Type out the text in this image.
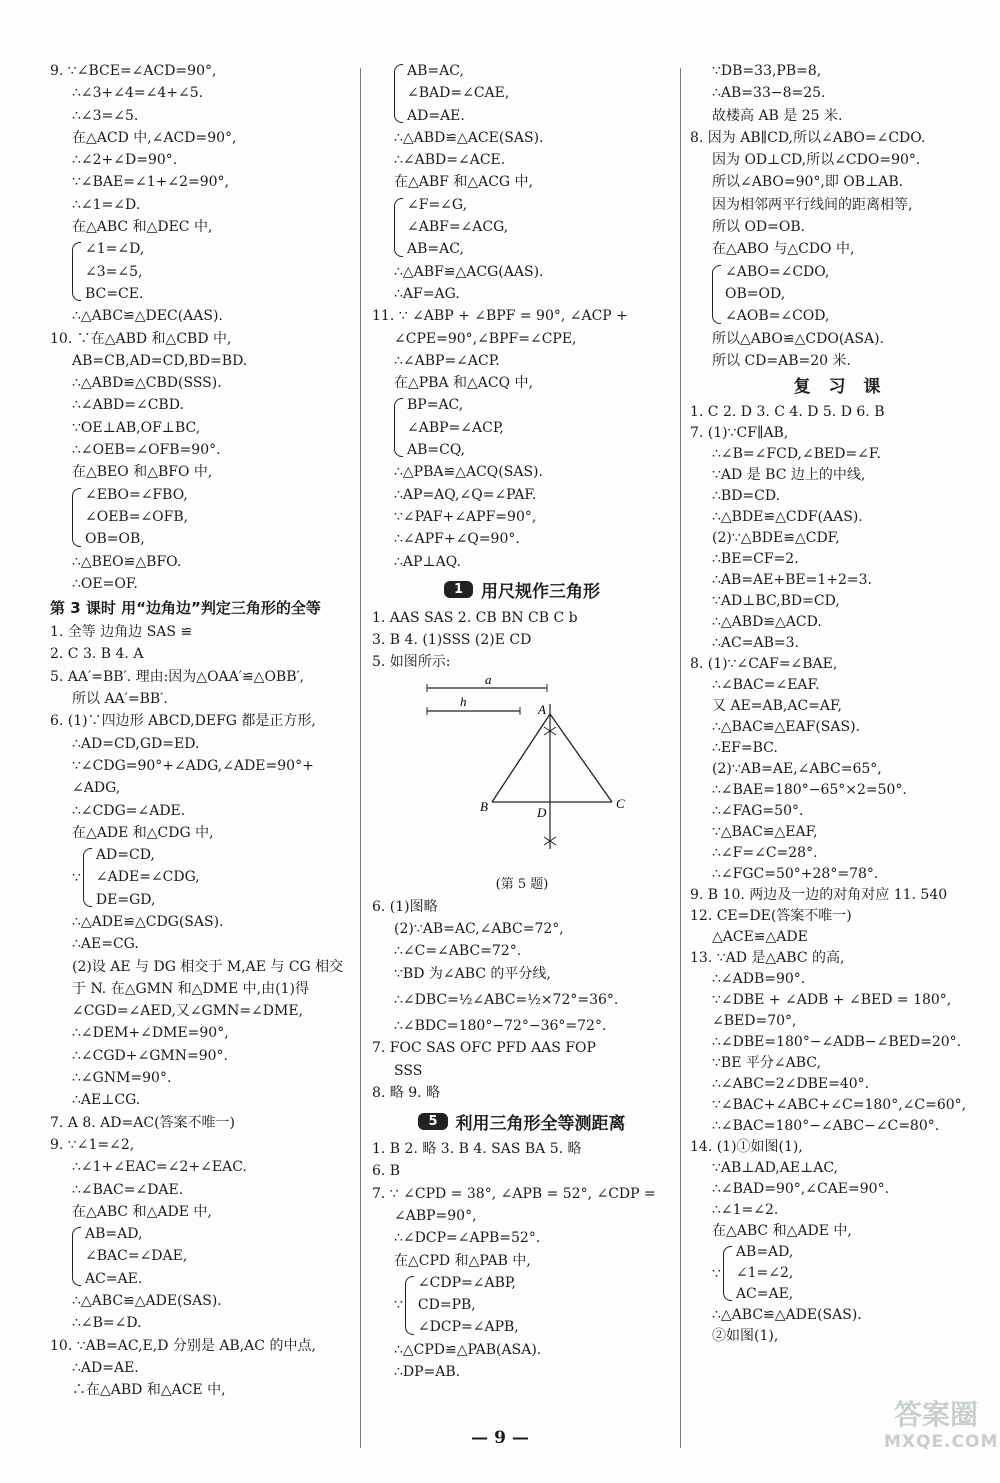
9. ∵∠BCE=∠ACD=90°,
∴∠3+∠4=∠4+∠5.
∴∠3=∠5.
在△ACD 中,∠ACD=90°,
∴∠2+∠D=90°.
∵∠BAE=∠1+∠2=90°,
∴∠1=∠D.
在△ABC 和△DEC 中,
∠1=∠D,
∠3=∠5,
BC=CE.
∴△ABC≌△DEC(AAS).
10. ∵在△ABD 和△CBD 中,
AB=CB,AD=CD,BD=BD.
∴△ABD≌△CBD(SSS).
∴∠ABD=∠CBD.
∵OE⊥AB,OF⊥BC,
∴∠OEB=∠OFB=90°.
在△BEO 和△BFO 中,
∠EBO=∠FBO,
∠OEB=∠OFB,
OB=OB,
∴△BEO≌△BFO.
∴OE=OF.
第 3 课时 用“边角边”判定三角形的全等
1. 全等 边角边 SAS ≌
2. C 3. B 4. A
5. AA′=BB′. 理由:因为△OAA′≌△OBB′,
所以 AA′=BB′.
6. (1)∵四边形 ABCD,DEFG 都是正方形,
∴AD=CD,GD=ED.
∵∠CDG=90°+∠ADG,∠ADE=90°+
∠ADG,
∴∠CDG=∠ADE.
在△ADE 和△CDG 中,
∵
AD=CD,
∠ADE=∠CDG,
DE=GD,
∴△ADE≌△CDG(SAS).
∴AE=CG.
(2)设 AE 与 DG 相交于 M,AE 与 CG 相交
于 N. 在△GMN 和△DME 中,由(1)得
∠CGD=∠AED,又∠GMN=∠DME,
∴∠DEM+∠DME=90°,
∴∠CGD+∠GMN=90°.
∴∠GNM=90°.
∴AE⊥CG.
7. A 8. AD=AC(答案不唯一)
9. ∵∠1=∠2,
∴∠1+∠EAC=∠2+∠EAC.
∴∠BAC=∠DAE.
在△ABC 和△ADE 中,
AB=AD,
∠BAC=∠DAE,
AC=AE.
∴△ABC≌△ADE(SAS).
∴∠B=∠D.
10. ∵AB=AC,E,D 分别是 AB,AC 的中点,
∴AD=AE.
∴在△ABD 和△ACE 中,
AB=AC,
∠BAD=∠CAE,
AD=AE.
∴△ABD≌△ACE(SAS).
∴∠ABD=∠ACE.
在△ABF 和△ACG 中,
∠F=∠G,
∠ABF=∠ACG,
AB=AC,
∴△ABF≌△ACG(AAS).
∴AF=AG.
11. ∵ ∠ABP + ∠BPF = 90°, ∠ACP +
∠CPE=90°,∠BPF=∠CPE,
∴∠ABP=∠ACP.
在△PBA 和△ACQ 中,
BP=AC,
∠ABP=∠ACP,
AB=CQ,
∴△PBA≌△ACQ(SAS).
∴AP=AQ,∠Q=∠PAF.
∵∠PAF+∠APF=90°,
∴∠APF+∠Q=90°.
∴AP⊥AQ.
1	用尺规作三角形
1. AAS SAS 2. CB BN CB C b
3. B 4. (1)SSS (2)E CD
5. 如图所示:
a
h
A
B	C
D
(第 5 题)
6. (1)图略
(2)∵AB=AC,∠ABC=72°,
∴∠C=∠ABC=72°.
∵BD 为∠ABC 的平分线,
∴∠DBC=½∠ABC=½×72°=36°.
∴∠BDC=180°−72°−36°=72°.
7. FOC SAS OFC PFD AAS FOP
SSS
8. 略 9. 略
5	利用三角形全等测距离
1. B 2. 略 3. B 4. SAS BA 5. 略
6. B
7. ∵ ∠CPD = 38°, ∠APB = 52°, ∠CDP =
∠ABP=90°,
∴∠DCP=∠APB=52°.
在△CPD 和△PAB 中,
∵
∠CDP=∠ABP,
CD=PB,
∠DCP=∠APB,
∴△CPD≌△PAB(ASA).
∴DP=AB.
∵DB=33,PB=8,
∴AB=33−8=25.
故楼高 AB 是 25 米.
8. 因为 AB∥CD,所以∠ABO=∠CDO.
因为 OD⊥CD,所以∠CDO=90°.
所以∠ABO=90°,即 OB⊥AB.
因为相邻两平行线间的距离相等,
所以 OD=OB.
在△ABO 与△CDO 中,
∠ABO=∠CDO,
OB=OD,
∠AOB=∠COD,
所以△ABO≌△CDO(ASA).
所以 CD=AB=20 米.
复 习 课
1. C 2. D 3. C 4. D 5. D 6. B
7. (1)∵CF∥AB,
∴∠B=∠FCD,∠BED=∠F.
∵AD 是 BC 边上的中线,
∴BD=CD.
∴△BDE≌△CDF(AAS).
(2)∵△BDE≌△CDF,
∴BE=CF=2.
∴AB=AE+BE=1+2=3.
∵AD⊥BC,BD=CD,
∴△ABD≌△ACD.
∴AC=AB=3.
8. (1)∵∠CAF=∠BAE,
∴∠BAC=∠EAF.
又 AE=AB,AC=AF,
∴△BAC≌△EAF(SAS).
∴EF=BC.
(2)∵AB=AE,∠ABC=65°,
∴∠BAE=180°−65°×2=50°.
∴∠FAG=50°.
∵△BAC≌△EAF,
∴∠F=∠C=28°.
∴∠FGC=50°+28°=78°.
9. B 10. 两边及一边的对角对应 11. 540
12. CE=DE(答案不唯一)
△ACE≌△ADE
13. ∵AD 是△ABC 的高,
∴∠ADB=90°.
∵∠DBE + ∠ADB + ∠BED = 180°,
∠BED=70°,
∴∠DBE=180°−∠ADB−∠BED=20°.
∵BE 平分∠ABC,
∴∠ABC=2∠DBE=40°.
∵∠BAC+∠ABC+∠C=180°,∠C=60°,
∴∠BAC=180°−∠ABC−∠C=80°.
14. (1)①如图(1),
∵AB⊥AD,AE⊥AC,
∴∠BAD=90°,∠CAE=90°.
∴∠1=∠2.
在△ABC 和△ADE 中,
∵
AB=AD,
∠1=∠2,
AC=AE,
∴△ABC≌△ADE(SAS).
②如图(1),
— 9 —
答案圈
MXQE.COM
